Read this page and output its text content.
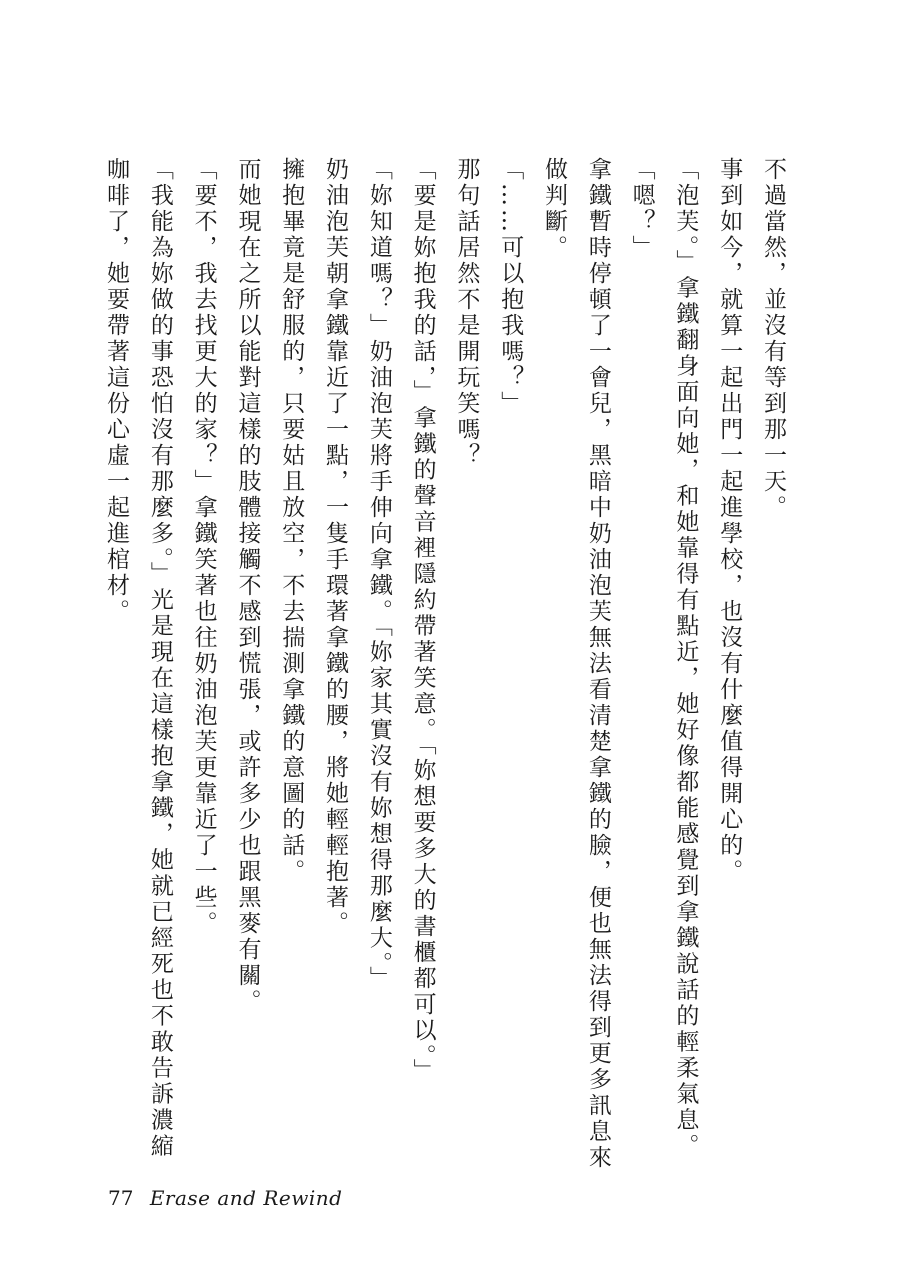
不過當然，並沒有等到那一天。

事到如今，就算一起出門一起進學校，也沒有什麼值得開心的。

「泡芙。」拿鐵翻身面向她，和她靠得有點近，她好像都能感覺到拿鐵說話的輕柔氣息。

「嗯？」

拿鐵暫時停頓了一會兒，黑暗中奶油泡芙無法看清楚拿鐵的臉，便也無法得到更多訊息來

做判斷。

「……可以抱我嗎？」

那句話居然不是開玩笑嗎？

「要是妳抱我的話，」拿鐵的聲音裡隱約帶著笑意。「妳想要多大的書櫃都可以。」

「妳知道嗎？」奶油泡芙將手伸向拿鐵。「妳家其實沒有妳想得那麼大。」

奶油泡芙朝拿鐵靠近了一點，一隻手環著拿鐵的腰，將她輕輕抱著。

擁抱畢竟是舒服的，只要姑且放空，不去揣測拿鐵的意圖的話。

而她現在之所以能對這樣的肢體接觸不感到慌張，或許多少也跟黑麥有關。

「要不，我去找更大的家？」拿鐵笑著也往奶油泡芙更靠近了一些。

「我能為妳做的事恐怕沒有那麼多。」光是現在這樣抱拿鐵，她就已經死也不敢告訴濃縮

咖啡了，她要帶著這份心虛一起進棺材。

77 Erase and Rewind
